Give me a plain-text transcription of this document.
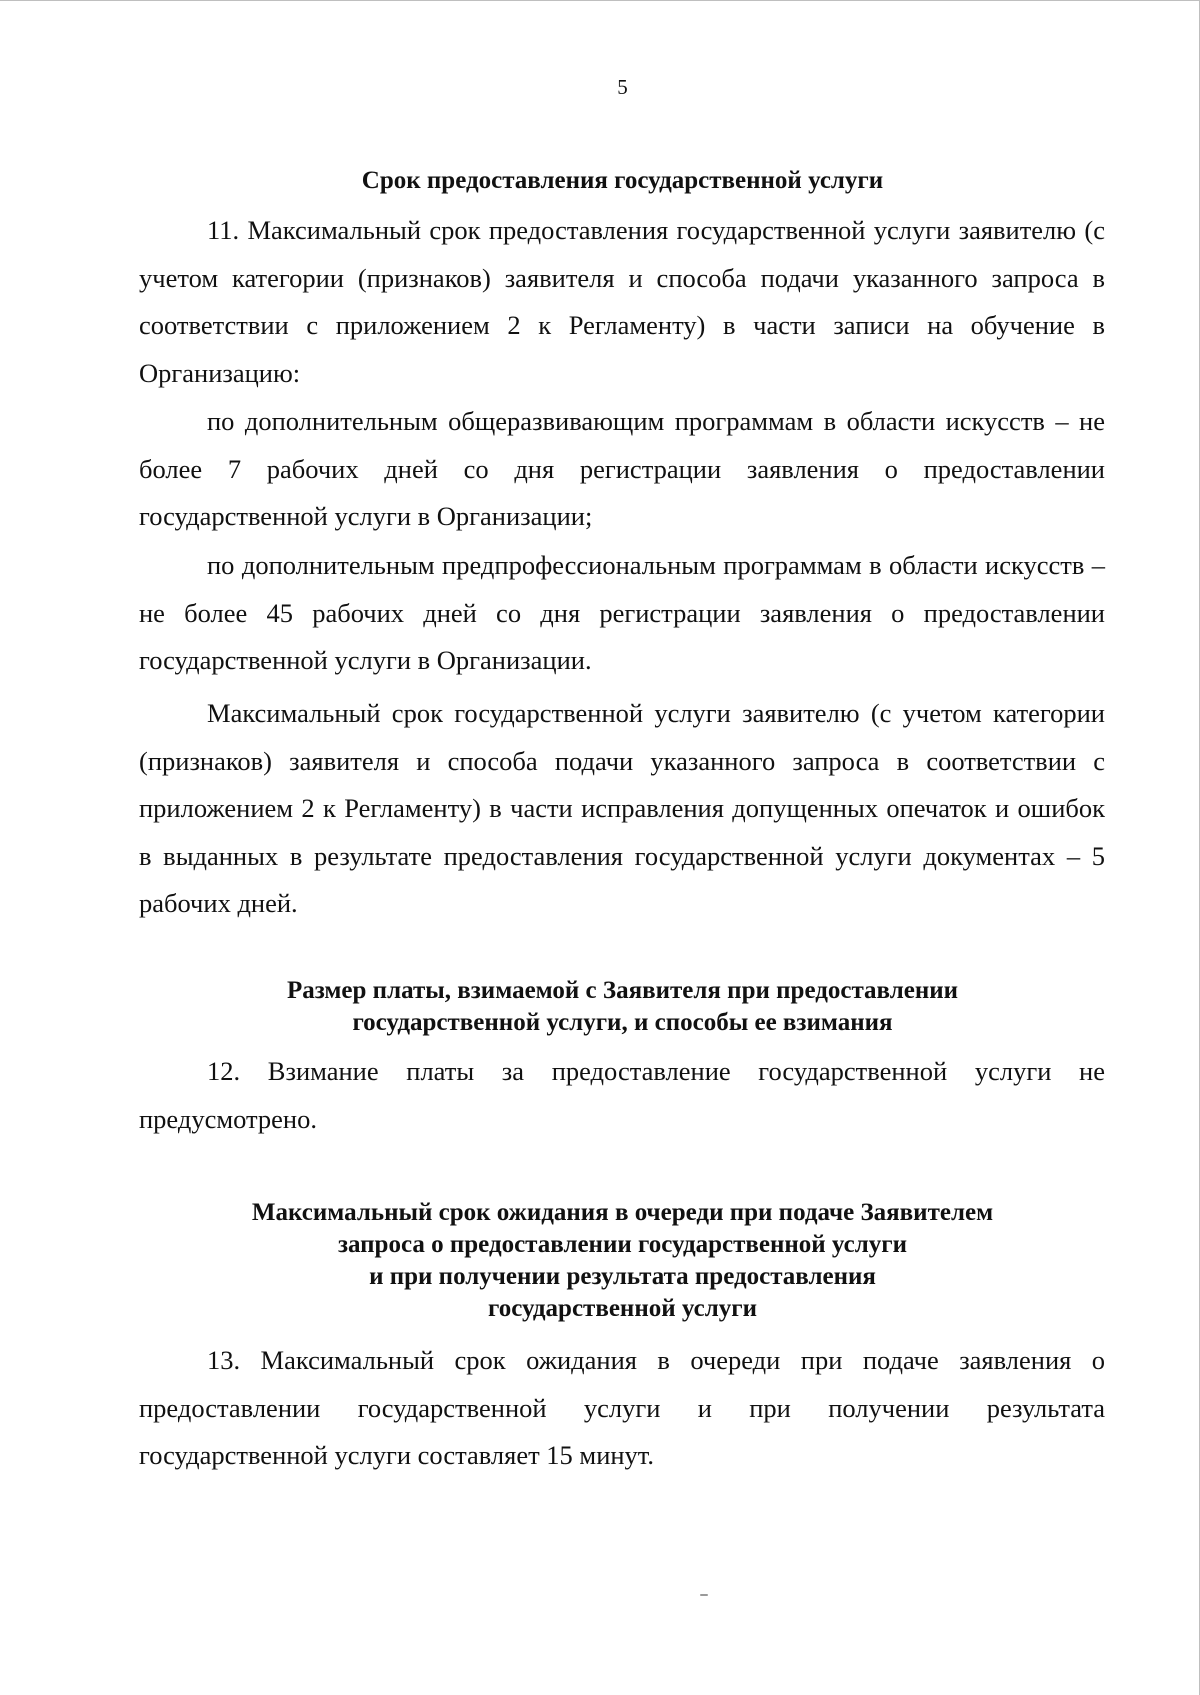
5
Срок предоставления государственной услуги

11. Максимальный срок предоставления государственной услуги заявителю (с учетом категории (признаков) заявителя и способа подачи указанного запроса в соответствии с приложением 2 к Регламенту) в части записи на обучение в Организацию:

по дополнительным общеразвивающим программам в области искусств – не более 7 рабочих дней со дня регистрации заявления о предоставлении государственной услуги в Организации;

по дополнительным предпрофессиональным программам в области искусств – не более 45 рабочих дней со дня регистрации заявления о предоставлении государственной услуги в Организации.

Максимальный срок государственной услуги заявителю (с учетом категории (признаков) заявителя и способа подачи указанного запроса в соответствии с приложением 2 к Регламенту) в части исправления допущенных опечаток и ошибок в выданных в результате предоставления государственной услуги документах – 5 рабочих дней.

Размер платы, взимаемой с Заявителя при предоставлении
государственной услуги, и способы ее взимания

12. Взимание платы за предоставление государственной услуги не предусмотрено.

Максимальный срок ожидания в очереди при подаче Заявителем
запроса о предоставлении государственной услуги
и при получении результата предоставления
государственной услуги

13. Максимальный срок ожидания в очереди при подаче заявления о предоставлении государственной услуги и при получении результата государственной услуги составляет 15 минут.
